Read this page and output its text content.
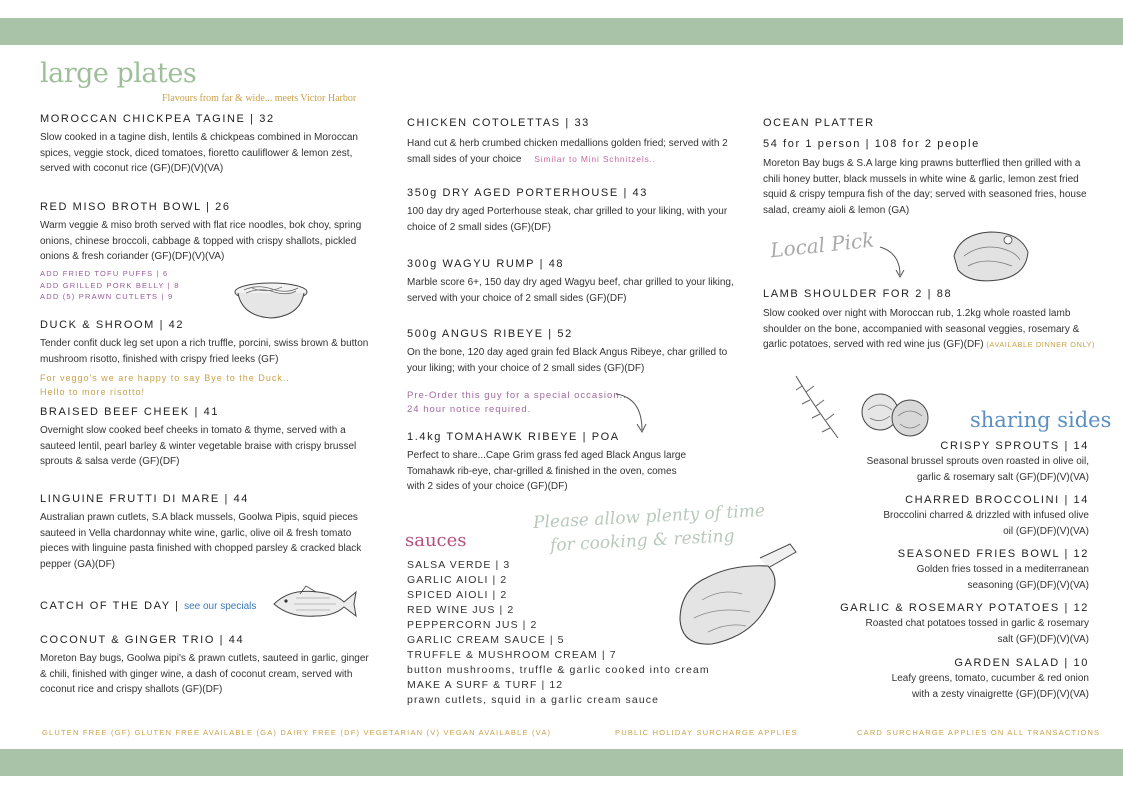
large plates
Flavours from far & wide... meets Victor Harbor

MOROCCAN CHICKPEA TAGINE | 32

Slow cooked in a tagine dish, lentils & chickpeas combined in Moroccan spices, veggie stock, diced tomatoes, fioretto cauliflower & lemon zest, served with coconut rice (GF)(DF)(V)(VA)

RED MISO BROTH BOWL | 26

Warm veggie & miso broth served with flat rice noodles, bok choy, spring onions, chinese broccoli, cabbage & topped with crispy shallots, pickled onions & fresh coriander (GF)(DF)(V)(VA)

ADD FRIED TOFU PUFFS | 6
ADD GRILLED PORK BELLY | 8
ADD (5) PRAWN CUTLETS | 9

DUCK & SHROOM | 42

Tender confit duck leg set upon a rich truffle, porcini, swiss brown & button mushroom risotto, finished with crispy fried leeks (GF)

For veggo's we are happy to say Bye to the Duck..
Hello to more risotto!

BRAISED BEEF CHEEK | 41

Overnight slow cooked beef cheeks in tomato & thyme, served with a sauteed lentil, pearl barley & winter vegetable braise with crispy brussel sprouts & salsa verde (GF)(DF)

LINGUINE FRUTTI DI MARE | 44

Australian prawn cutlets, S.A black mussels, Goolwa Pipis, squid pieces sauteed in Vella chardonnay white wine, garlic, olive oil & fresh tomato pieces with linguine pasta finished with chopped parsley & cracked black pepper (GA)(DF)

CATCH OF THE DAY | see our specials

COCONUT & GINGER TRIO | 44

Moreton Bay bugs, Goolwa pipi's & prawn cutlets, sauteed in garlic, ginger & chili, finished with ginger wine, a dash of coconut cream, served with coconut rice and crispy shallots (GF)(DF)

CHICKEN COTOLETTAS | 33

Hand cut & herb crumbed chicken medallions golden fried; served with 2 small sides of your choice Similar to Mini Schnitzels..

350g DRY AGED PORTERHOUSE | 43

100 day dry aged Porterhouse steak, char grilled to your liking, with your choice of 2 small sides (GF)(DF)

300g WAGYU RUMP | 48

Marble score 6+, 150 day dry aged Wagyu beef, char grilled to your liking, served with your choice of 2 small sides (GF)(DF)

500g ANGUS RIBEYE | 52

On the bone, 120 day aged grain fed Black Angus Ribeye, char grilled to your liking; with your choice of 2 small sides (GF)(DF)

Pre-Order this guy for a special occasion..
24 hour notice required.

1.4kg TOMAHAWK RIBEYE | POA

Perfect to share...Cape Grim grass fed aged Black Angus large Tomahawk rib-eye, char-grilled & finished in the oven, comes with 2 sides of your choice (GF)(DF)

Please allow plenty of time
for cooking & resting
sauces
SALSA VERDE | 3
GARLIC AIOLI | 2
SPICED AIOLI | 2
RED WINE JUS | 2
PEPPERCORN JUS | 2
GARLIC CREAM SAUCE | 5
TRUFFLE & MUSHROOM CREAM | 7
button mushrooms, truffle & garlic cooked into cream
MAKE A SURF & TURF | 12
prawn cutlets, squid in a garlic cream sauce
OCEAN PLATTER
54 for 1 person | 108 for 2 people
Moreton Bay bugs & S.A large king prawns butterflied then grilled with a chili honey butter, black mussels in white wine & garlic, lemon zest fried squid & crispy tempura fish of the day; served with seasoned fries, house salad, creamy aioli & lemon (GA)
Local Pick
LAMB SHOULDER FOR 2 | 88
Slow cooked over night with Moroccan rub, 1.2kg whole roasted lamb shoulder on the bone, accompanied with seasonal veggies, rosemary & garlic potatoes, served with red wine jus (GF)(DF) (AVAILABLE DINNER ONLY)
sharing sides
CRISPY SPROUTS | 14
Seasonal brussel sprouts oven roasted in olive oil,
garlic & rosemary salt (GF)(DF)(V)(VA)
CHARRED BROCCOLINI | 14
Broccolini charred & drizzled with infused olive
oil (GF)(DF)(V)(VA)
SEASONED FRIES BOWL | 12
Golden fries tossed in a mediterranean
seasoning (GF)(DF)(V)(VA)
GARLIC & ROSEMARY POTATOES | 12
Roasted chat potatoes tossed in garlic & rosemary
salt (GF)(DF)(V)(VA)
GARDEN SALAD | 10
Leafy greens, tomato, cucumber & red onion
with a zesty vinaigrette (GF)(DF)(V)(VA)
GLUTEN FREE (GF) GLUTEN FREE AVAILABLE (GA) DAIRY FREE (DF) VEGETARIAN (V) VEGAN AVAILABLE (VA)	PUBLIC HOLIDAY SURCHARGE APPLIES	CARD SURCHARGE APPLIES ON ALL TRANSACTIONS
